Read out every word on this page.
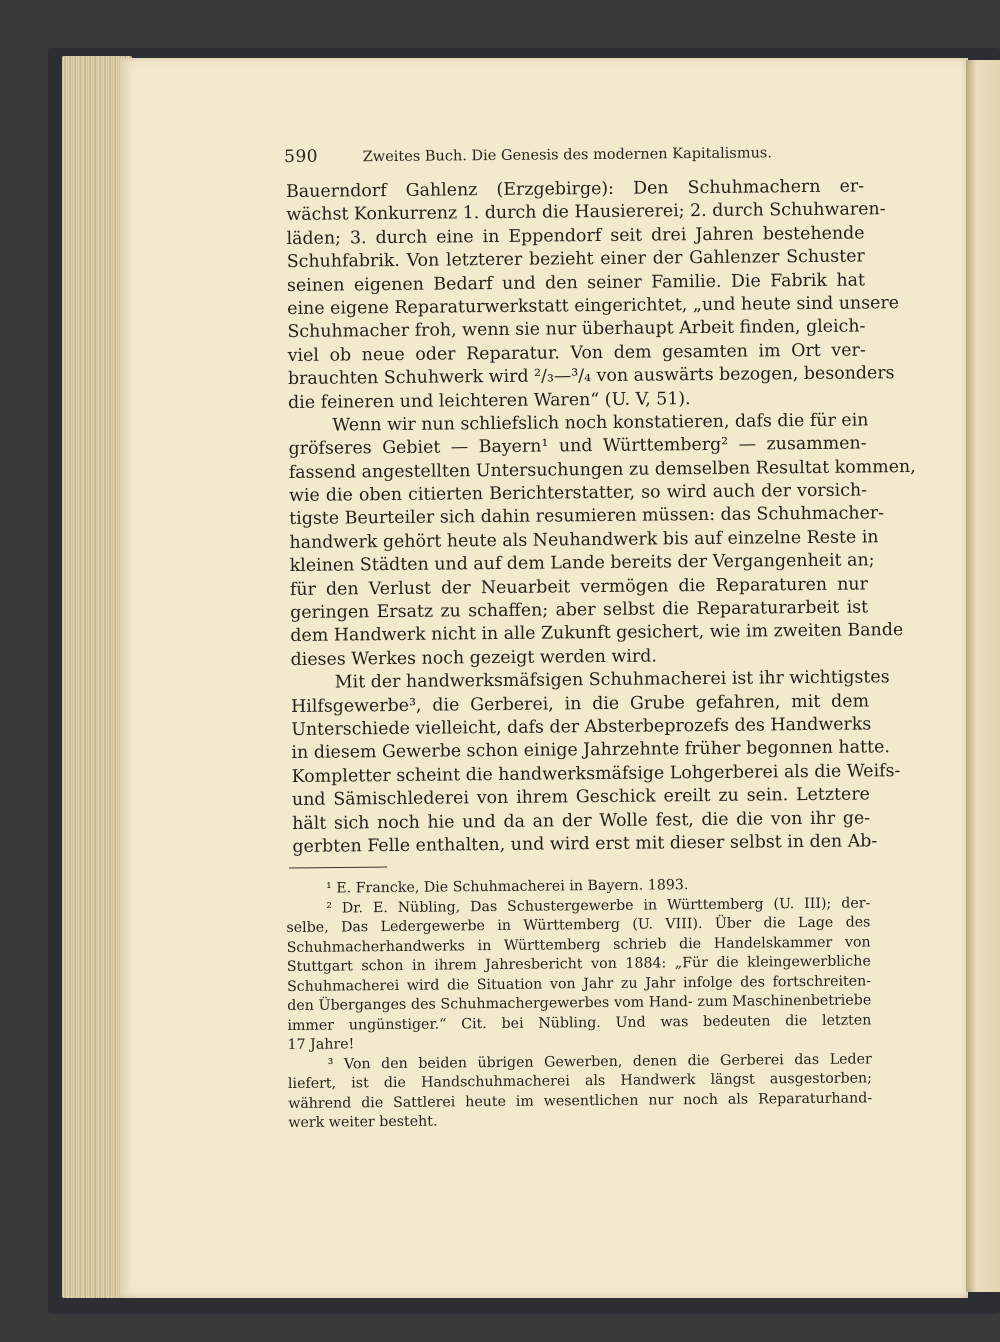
590	Zweites Buch. Die Genesis des modernen Kapitalismus.
Bauerndorf Gahlenz (Erzgebirge): Den Schuhmachern er-
wächst Konkurrenz 1. durch die Hausiererei; 2. durch Schuhwaren-
läden; 3. durch eine in Eppendorf seit drei Jahren bestehende
Schuhfabrik. Von letzterer bezieht einer der Gahlenzer Schuster
seinen eigenen Bedarf und den seiner Familie. Die Fabrik hat
eine eigene Reparaturwerkstatt eingerichtet, „und heute sind unsere
Schuhmacher froh, wenn sie nur überhaupt Arbeit finden, gleich-
viel ob neue oder Reparatur. Von dem gesamten im Ort ver-
brauchten Schuhwerk wird ²/₃—³/₄ von auswärts bezogen, besonders
die feineren und leichteren Waren“ (U. V, 51).
Wenn wir nun schliefslich noch konstatieren, dafs die für ein
gröfseres Gebiet — Bayern¹ und Württemberg² — zusammen-
fassend angestellten Untersuchungen zu demselben Resultat kommen,
wie die oben citierten Berichterstatter, so wird auch der vorsich-
tigste Beurteiler sich dahin resumieren müssen: das Schuhmacher-
handwerk gehört heute als Neuhandwerk bis auf einzelne Reste in
kleinen Städten und auf dem Lande bereits der Vergangenheit an;
für den Verlust der Neuarbeit vermögen die Reparaturen nur
geringen Ersatz zu schaffen; aber selbst die Reparaturarbeit ist
dem Handwerk nicht in alle Zukunft gesichert, wie im zweiten Bande
dieses Werkes noch gezeigt werden wird.
Mit der handwerksmäfsigen Schuhmacherei ist ihr wichtigstes
Hilfsgewerbe³, die Gerberei, in die Grube gefahren, mit dem
Unterschiede vielleicht, dafs der Absterbeprozefs des Handwerks
in diesem Gewerbe schon einige Jahrzehnte früher begonnen hatte.
Kompletter scheint die handwerksmäfsige Lohgerberei als die Weifs-
und Sämischlederei von ihrem Geschick ereilt zu sein. Letztere
hält sich noch hie und da an der Wolle fest, die die von ihr ge-
gerbten Felle enthalten, und wird erst mit dieser selbst in den Ab-
¹ E. Francke, Die Schuhmacherei in Bayern. 1893.
² Dr. E. Nübling, Das Schustergewerbe in Württemberg (U. III); der-
selbe, Das Ledergewerbe in Württemberg (U. VIII). Über die Lage des
Schuhmacherhandwerks in Württemberg schrieb die Handelskammer von
Stuttgart schon in ihrem Jahresbericht von 1884: „Für die kleingewerbliche
Schuhmacherei wird die Situation von Jahr zu Jahr infolge des fortschreiten-
den Überganges des Schuhmachergewerbes vom Hand- zum Maschinenbetriebe
immer ungünstiger.“ Cit. bei Nübling. Und was bedeuten die letzten
17 Jahre!
³ Von den beiden übrigen Gewerben, denen die Gerberei das Leder
liefert, ist die Handschuhmacherei als Handwerk längst ausgestorben;
während die Sattlerei heute im wesentlichen nur noch als Reparaturhand-
werk weiter besteht.
